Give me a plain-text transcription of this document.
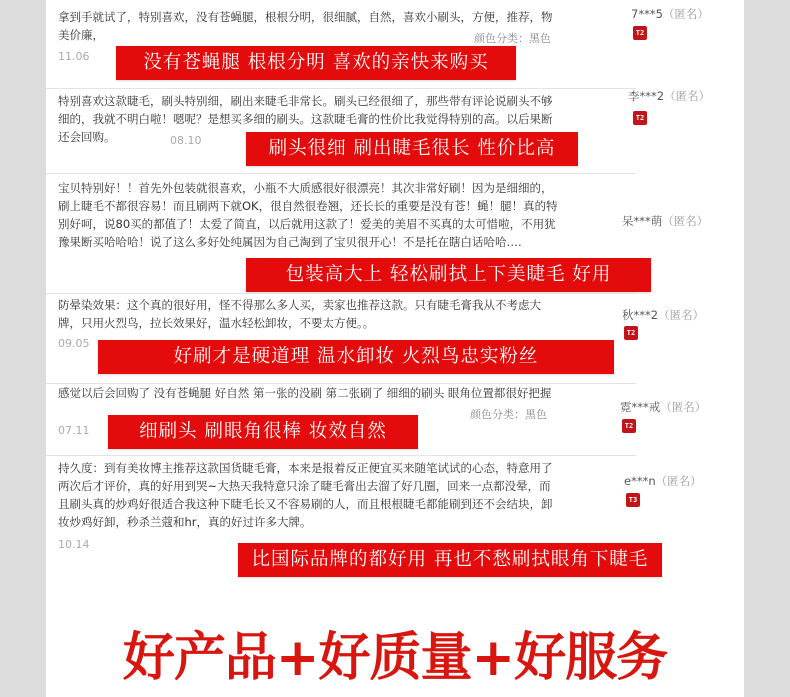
拿到手就试了，特别喜欢，没有苍蝇腿，根根分明，很细腻，自然，喜欢小刷头，方便，推荐，物美价廉，	颜色分类：黑色
11.06
7***5（匿名）
T2
没有苍蝇腿 根根分明 喜欢的亲快来购买
特别喜欢这款睫毛，刷头特别细，刷出来睫毛非常长。刷头已经很细了，那些带有评论说刷头不够细的，我就不明白啦！嗯呢？是想买多细的刷头。这款睫毛膏的性价比我觉得特别的高。以后果断还会回购。	08.10
李***2（匿名）
T2
刷头很细 刷出睫毛很长 性价比高
宝贝特别好！！首先外包装就很喜欢，小瓶不大质感很好很漂亮！其次非常好刷！因为是细细的，刷上睫毛不都很容易！而且刷两下就OK，很自然很卷翘，还长长的重要是没有苍！蝇！腿！真的特别好呵，说80买的都值了！太爱了简直，以后就用这款了！爱美的美眉不买真的太可惜啦，不用犹豫果断买哈哈哈！说了这么多好处纯属因为自己淘到了宝贝很开心！不是托在瞎白话哈哈….
呆***萌（匿名）
包装高大上 轻松刷拭上下美睫毛 好用
防晕染效果：这个真的很好用，怪不得那么多人买，卖家也推荐这款。只有睫毛膏我从不考虑大牌，只用火烈鸟，拉长效果好，温水轻松卸妆，不要太方便。。
09.05
秋***2（匿名）
T2
好刷才是硬道理 温水卸妆 火烈鸟忠实粉丝
感觉以后会回购了 没有苍蝇腿 好自然 第一张的没刷 第二张刷了 细细的刷头 眼角位置都很好把握
颜色分类：黑色
07.11
霓***戒（匿名）
T2
细刷头 刷眼角很棒 妆效自然
持久度：到有美妆博主推荐这款国货睫毛膏，本来是报着反正便宜买来随笔试试的心态，特意用了两次后才评价，真的好用到哭~大热天我特意只涂了睫毛膏出去溜了好几圈，回来一点都没晕，而且刷头真的炒鸡好很适合我这种下睫毛长又不容易刷的人，而且根根睫毛都能刷到还不会结块，卸妆炒鸡好卸，秒杀兰蔻和hr，真的好过许多大牌。
10.14
e***n（匿名）
T3
比国际品牌的都好用 再也不愁刷拭眼角下睫毛
好产品+好质量+好服务
